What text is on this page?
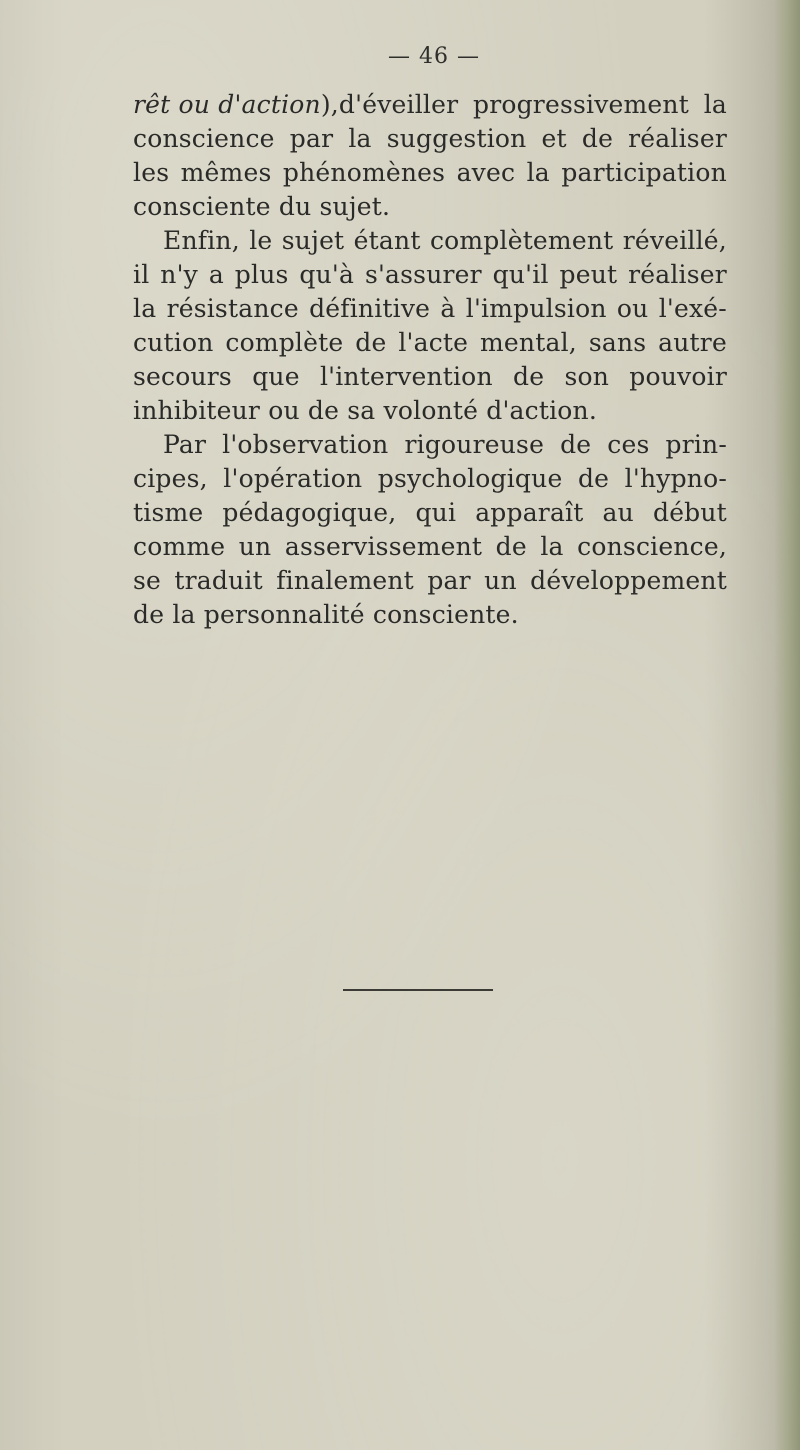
— 46 —
rêt ou d'action),d'éveiller progressivement la
conscience par la suggestion et de réaliser
les mêmes phénomènes avec la participation
consciente du sujet.
Enfin, le sujet étant complètement réveillé,
il n'y a plus qu'à s'assurer qu'il peut réaliser
la résistance définitive à l'impulsion ou l'exé-
cution complète de l'acte mental, sans autre
secours que l'intervention de son pouvoir
inhibiteur ou de sa volonté d'action.
Par l'observation rigoureuse de ces prin-
cipes, l'opération psychologique de l'hypno-
tisme pédagogique, qui apparaît au début
comme un asservissement de la conscience,
se traduit finalement par un développement
de la personnalité consciente.
